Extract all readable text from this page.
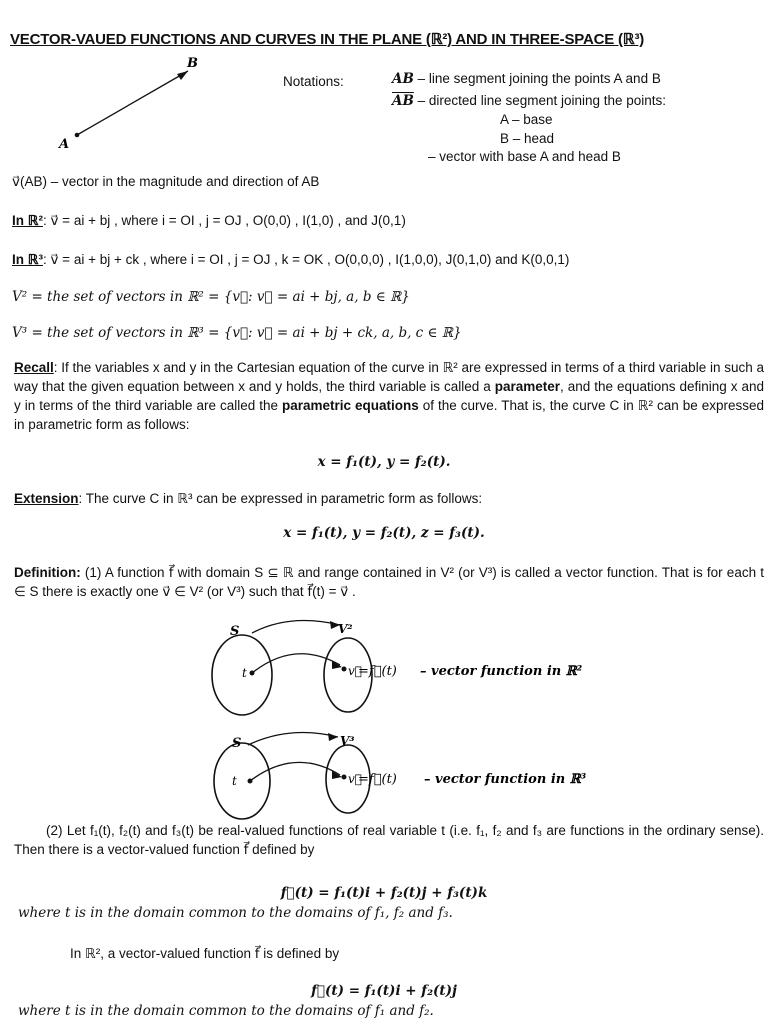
VECTOR-VAUED FUNCTIONS AND CURVES IN THE PLANE (ℝ²) AND IN THREE-SPACE (ℝ³)
A
B
Notations:	AB – line segment joining the points A and B
$\overline{AB}$ – directed line segment joining the points:
A – base
B – head
– vector with base A and head B
v⃗(AB) – vector in the magnitude and direction of AB
In ℝ²: v⃗ = ai + bj , where i = OI , j = OJ , O(0,0) , I(1,0) , and J(0,1)
In ℝ³: v⃗ = ai + bj + ck , where i = OI , j = OJ , k = OK , O(0,0,0) , I(1,0,0), J(0,1,0) and K(0,0,1)
V² = the set of vectors in ℝ² = {v⃗: v⃗ = ai + bj, a, b ∈ ℝ}
V³ = the set of vectors in ℝ³ = {v⃗: v⃗ = ai + bj + ck, a, b, c ∈ ℝ}

Recall: If the variables x and y in the Cartesian equation of the curve in ℝ² are expressed in terms of a third variable in such a way that the given equation between x and y holds, the third variable is called a parameter, and the equations defining x and y in terms of the third variable are called the parametric equations of the curve. That is, the curve C in ℝ² can be expressed in parametric form as follows:

x = f₁(t), y = f₂(t).
Extension: The curve C in ℝ³ can be expressed in parametric form as follows:
x = f₁(t), y = f₂(t), z = f₃(t).

Definition: (1) A function f⃗ with domain S ⊆ ℝ and range contained in V² (or V³) is called a vector function. That is for each t ∈ S there is exactly one v⃗ ∈ V² (or V³) such that f⃗(t) = v⃗ .

S	V²
t	v⃗
=f⃗(t) – vector function in ℝ²
S	V³
t	v⃗
=f⃗(t) – vector function in ℝ³

(2) Let f₁(t), f₂(t) and f₃(t) be real-valued functions of real variable t (i.e. f₁, f₂ and f₃ are functions in the ordinary sense). Then there is a vector-valued function f⃗ defined by

f⃗(t) = f₁(t)i + f₂(t)j + f₃(t)k
where t is in the domain common to the domains of f₁, f₂ and f₃.
In ℝ², a vector-valued function f⃗ is defined by
f⃗(t) = f₁(t)i + f₂(t)j
where t is in the domain common to the domains of f₁ and f₂.
